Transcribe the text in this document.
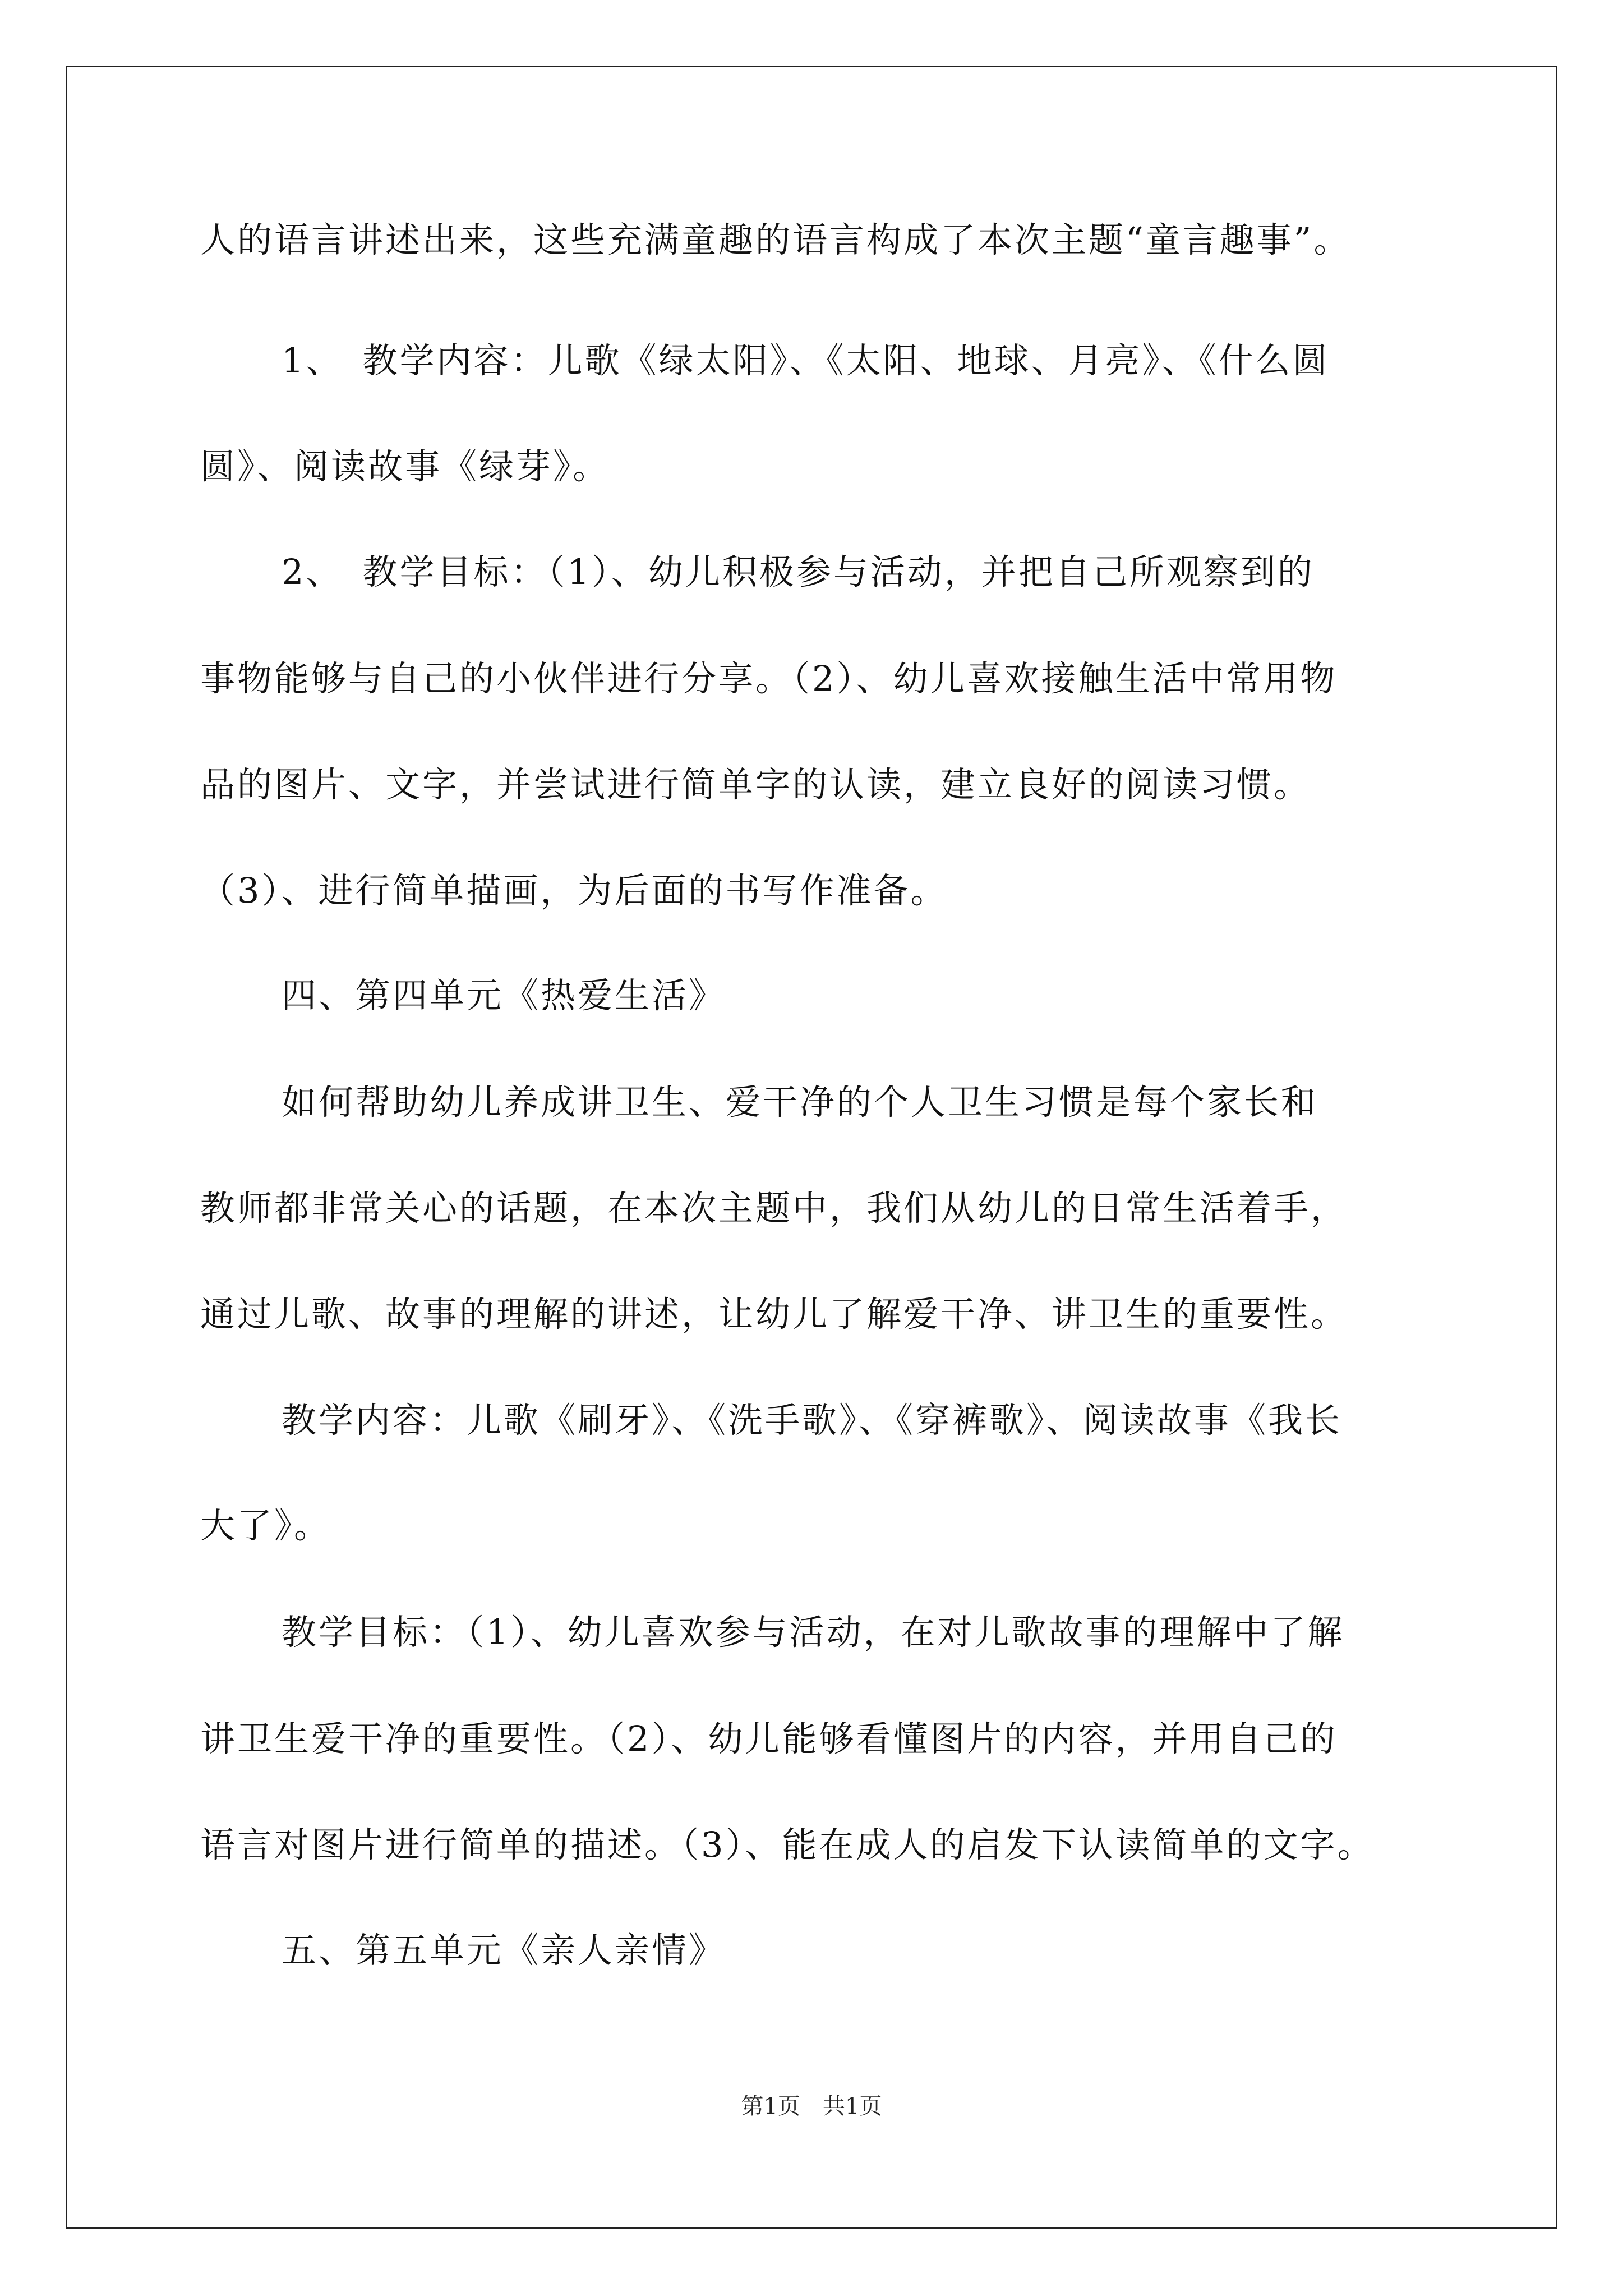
人的语言讲述出来，这些充满童趣的语言构成了本次主题“童言趣事”。
1、　教学内容：儿歌《绿太阳》、《太阳、地球、月亮》、《什么圆
圆》、阅读故事《绿芽》。
2、　教学目标：（1）、幼儿积极参与活动，并把自己所观察到的
事物能够与自己的小伙伴进行分享。（2）、幼儿喜欢接触生活中常用物
品的图片、文字，并尝试进行简单字的认读，建立良好的阅读习惯。
（3）、进行简单描画，为后面的书写作准备。
四、第四单元《热爱生活》
如何帮助幼儿养成讲卫生、爱干净的个人卫生习惯是每个家长和
教师都非常关心的话题，在本次主题中，我们从幼儿的日常生活着手，
通过儿歌、故事的理解的讲述，让幼儿了解爱干净、讲卫生的重要性。
教学内容：儿歌《刷牙》、《洗手歌》、《穿裤歌》、阅读故事《我长
大了》。
教学目标：（1）、幼儿喜欢参与活动，在对儿歌故事的理解中了解
讲卫生爱干净的重要性。（2）、幼儿能够看懂图片的内容，并用自己的
语言对图片进行简单的描述。（3）、能在成人的启发下认读简单的文字。
五、第五单元《亲人亲情》
第1页　共1页
